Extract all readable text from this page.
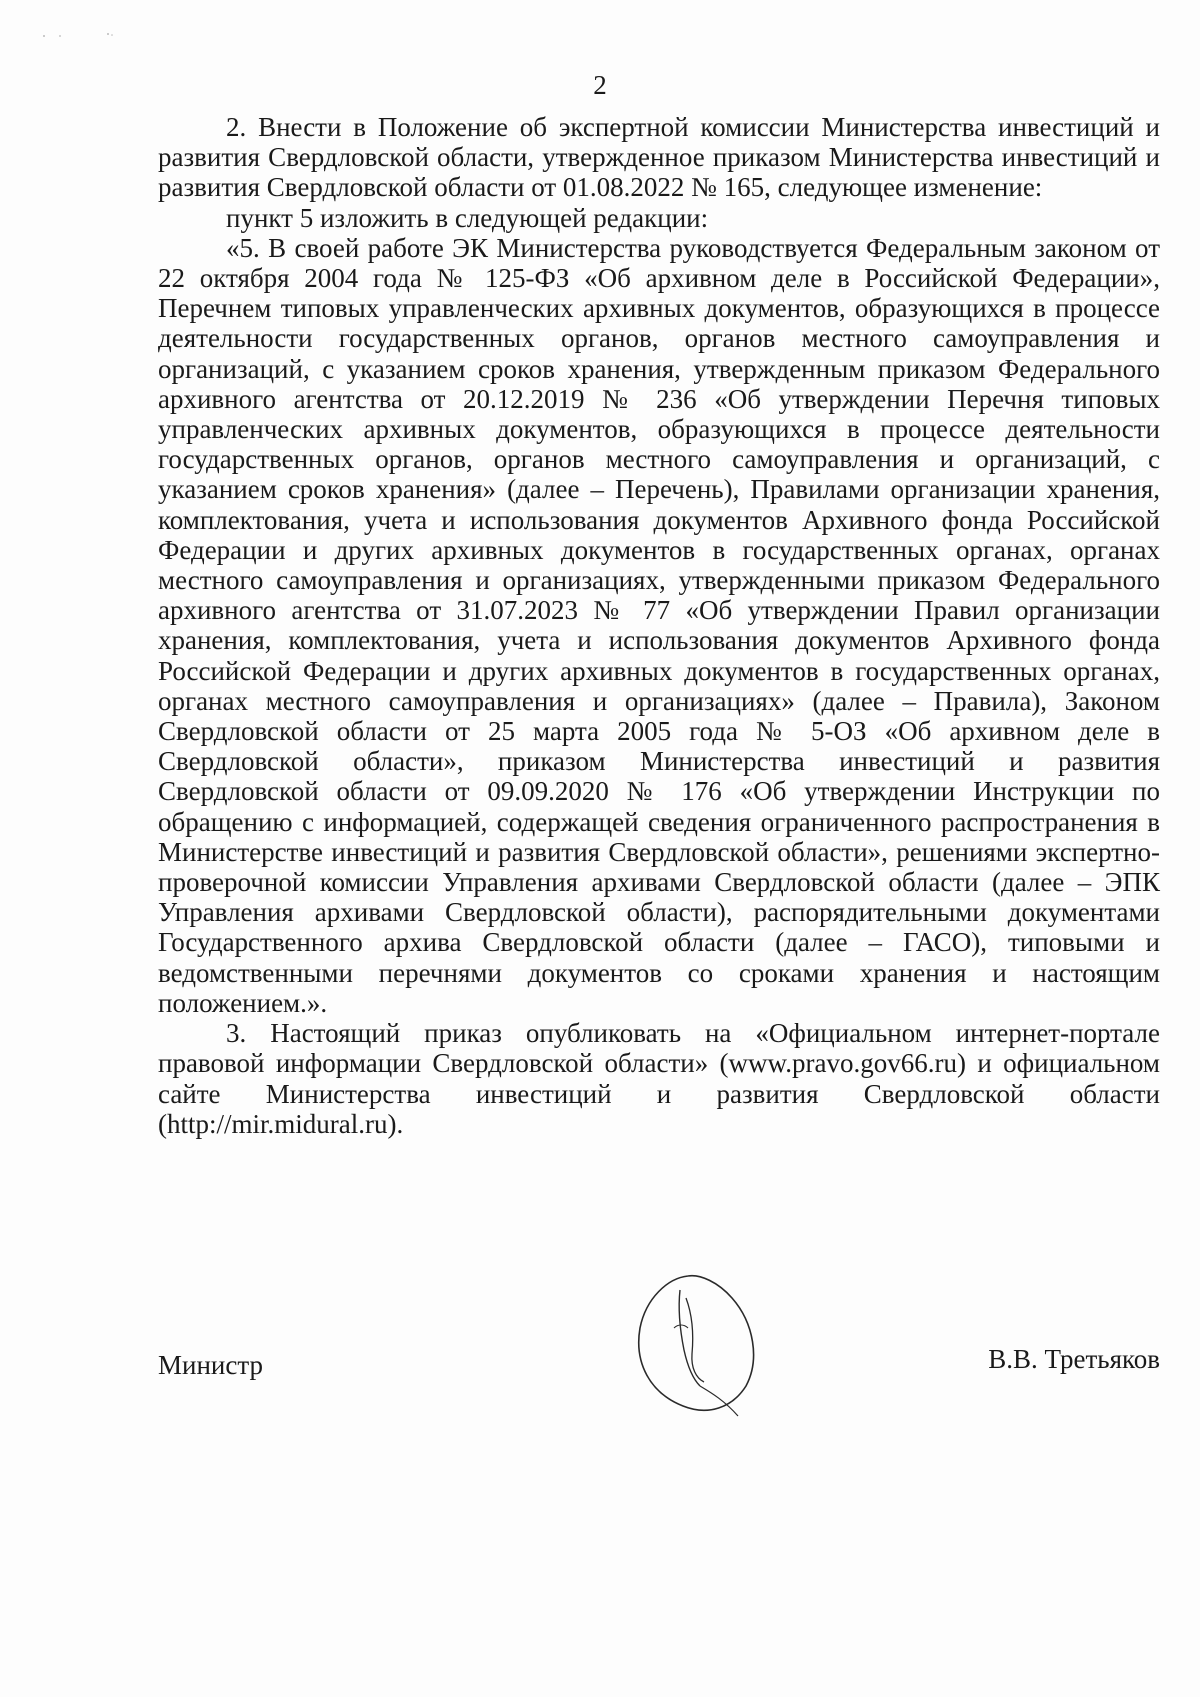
2

2. Внести в Положение об экспертной комиссии Министерства инвестиций и развития Свердловской области, утвержденное приказом Министерства инвестиций и развития Свердловской области от 01.08.2022 № 165, следующее изменение:

пункт 5 изложить в следующей редакции:

«5. В своей работе ЭК Министерства руководствуется Федеральным законом от 22 октября 2004 года № 125-ФЗ «Об архивном деле в Российской Федерации», Перечнем типовых управленческих архивных документов, образующихся в процессе деятельности государственных органов, органов местного самоуправления и организаций, с указанием сроков хранения, утвержденным приказом Федерального архивного агентства от 20.12.2019 № 236 «Об утверждении Перечня типовых управленческих архивных документов, образующихся в процессе деятельности государственных органов, органов местного самоуправления и организаций, с указанием сроков хранения» (далее – Перечень), Правилами организации хранения, комплектования, учета и использования документов Архивного фонда Российской Федерации и других архивных документов в государственных органах, органах местного самоуправления и организациях, утвержденными приказом Федерального архивного агентства от 31.07.2023 № 77 «Об утверждении Правил организации хранения, комплектования, учета и использования документов Архивного фонда Российской Федерации и других архивных документов в государственных органах, органах местного самоуправления и организациях» (далее – Правила), Законом Свердловской области от 25 марта 2005 года № 5-ОЗ «Об архивном деле в Свердловской области», приказом Министерства инвестиций и развития Свердловской области от 09.09.2020 № 176 «Об утверждении Инструкции по обращению с информацией, содержащей сведения ограниченного распространения в Министерстве инвестиций и развития Свердловской области», решениями экспертно-проверочной комиссии Управления архивами Свердловской области (далее – ЭПК Управления архивами Свердловской области), распорядительными документами Государственного архива Свердловской области (далее – ГАСО), типовыми и ведомственными перечнями документов со сроками хранения и настоящим положением.».

3. Настоящий приказ опубликовать на «Официальном интернет-портале правовой информации Свердловской области» (www.pravo.gov66.ru) и официальном сайте Министерства инвестиций и развития Свердловской области (http://mir.midural.ru).

Министр	В.В. Третьяков
